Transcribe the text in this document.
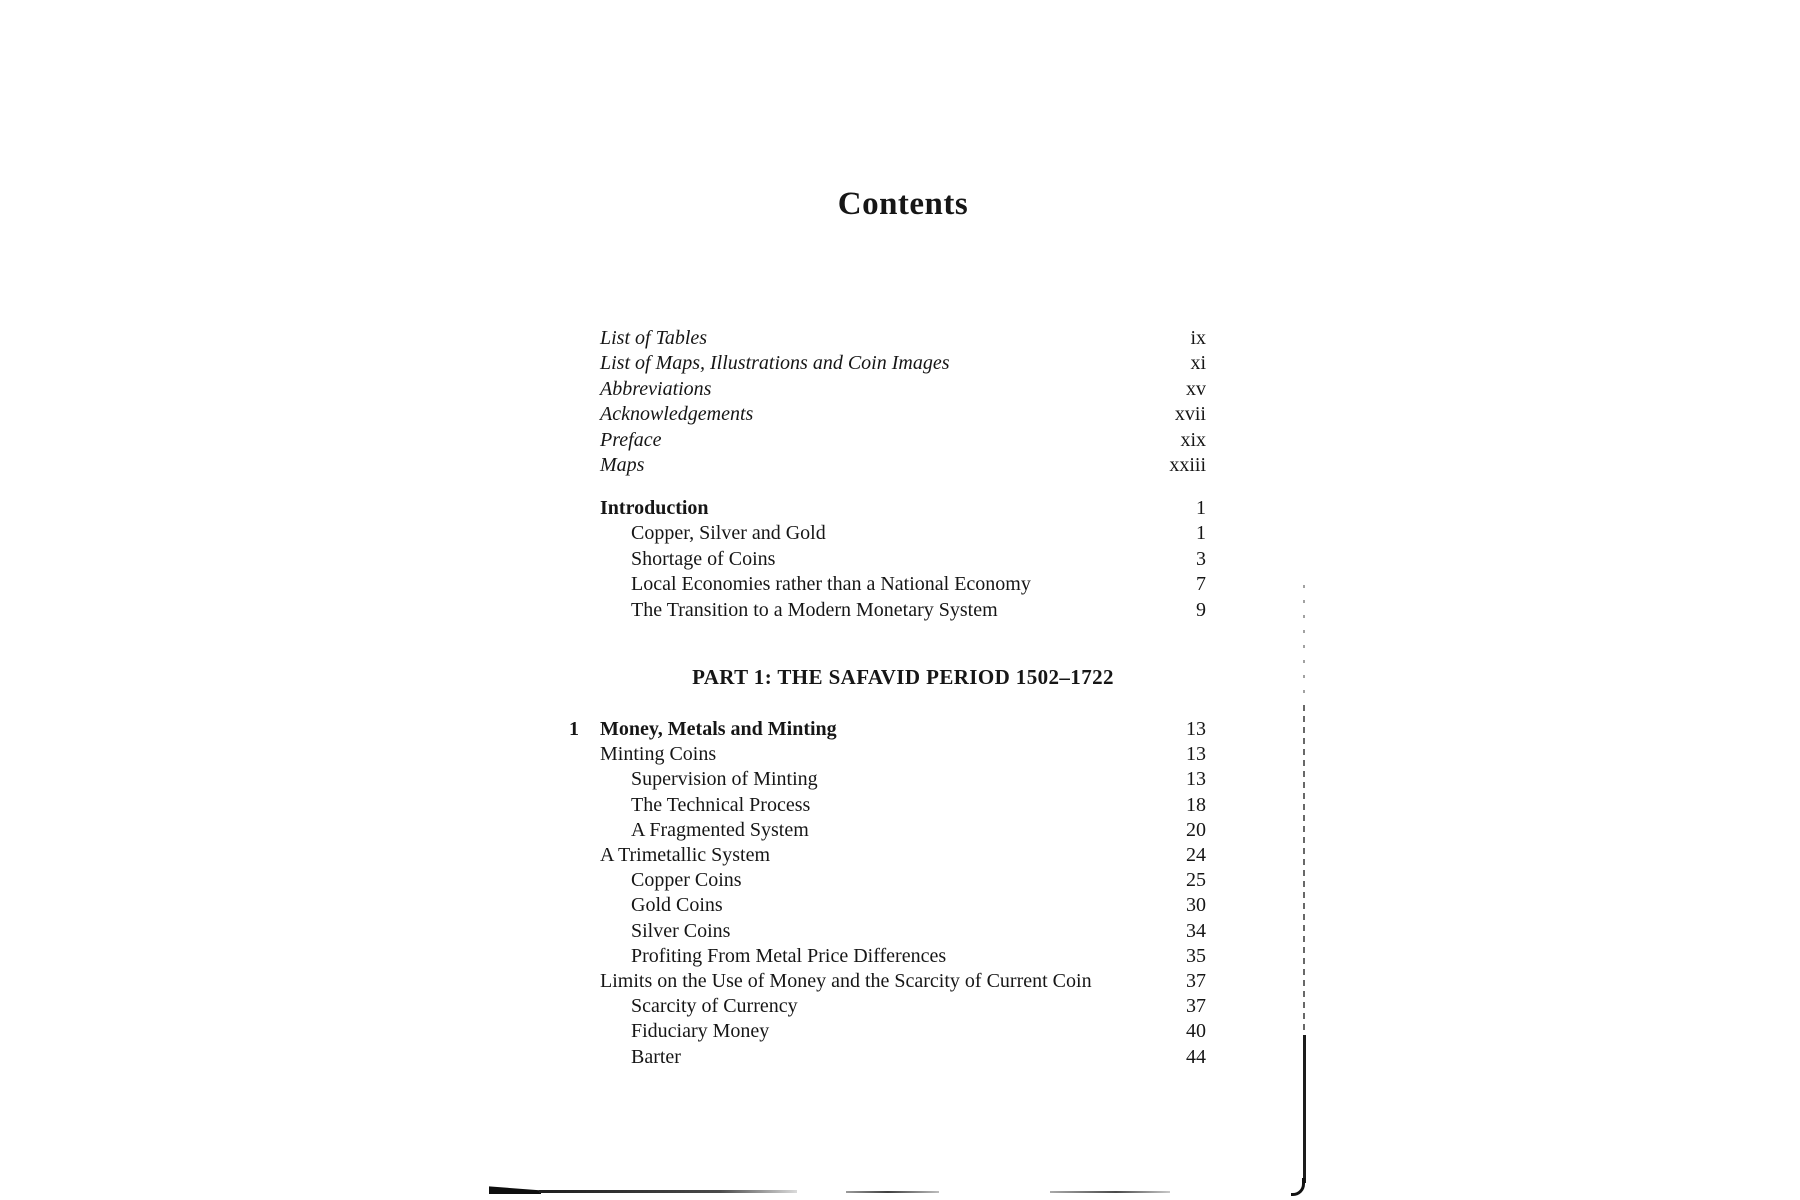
Contents
List of Tables	ix
List of Maps, Illustrations and Coin Images	xi
Abbreviations	xv
Acknowledgements	xvii
Preface	xix
Maps	xxiii
Introduction	1
Copper, Silver and Gold	1
Shortage of Coins	3
Local Economies rather than a National Economy	7
The Transition to a Modern Monetary System	9
PART 1: THE SAFAVID PERIOD 1502–1722
1 Money, Metals and Minting	13
Minting Coins	13
Supervision of Minting	13
The Technical Process	18
A Fragmented System	20
A Trimetallic System	24
Copper Coins	25
Gold Coins	30
Silver Coins	34
Profiting From Metal Price Differences	35
Limits on the Use of Money and the Scarcity of Current Coin	37
Scarcity of Currency	37
Fiduciary Money	40
Barter	44
